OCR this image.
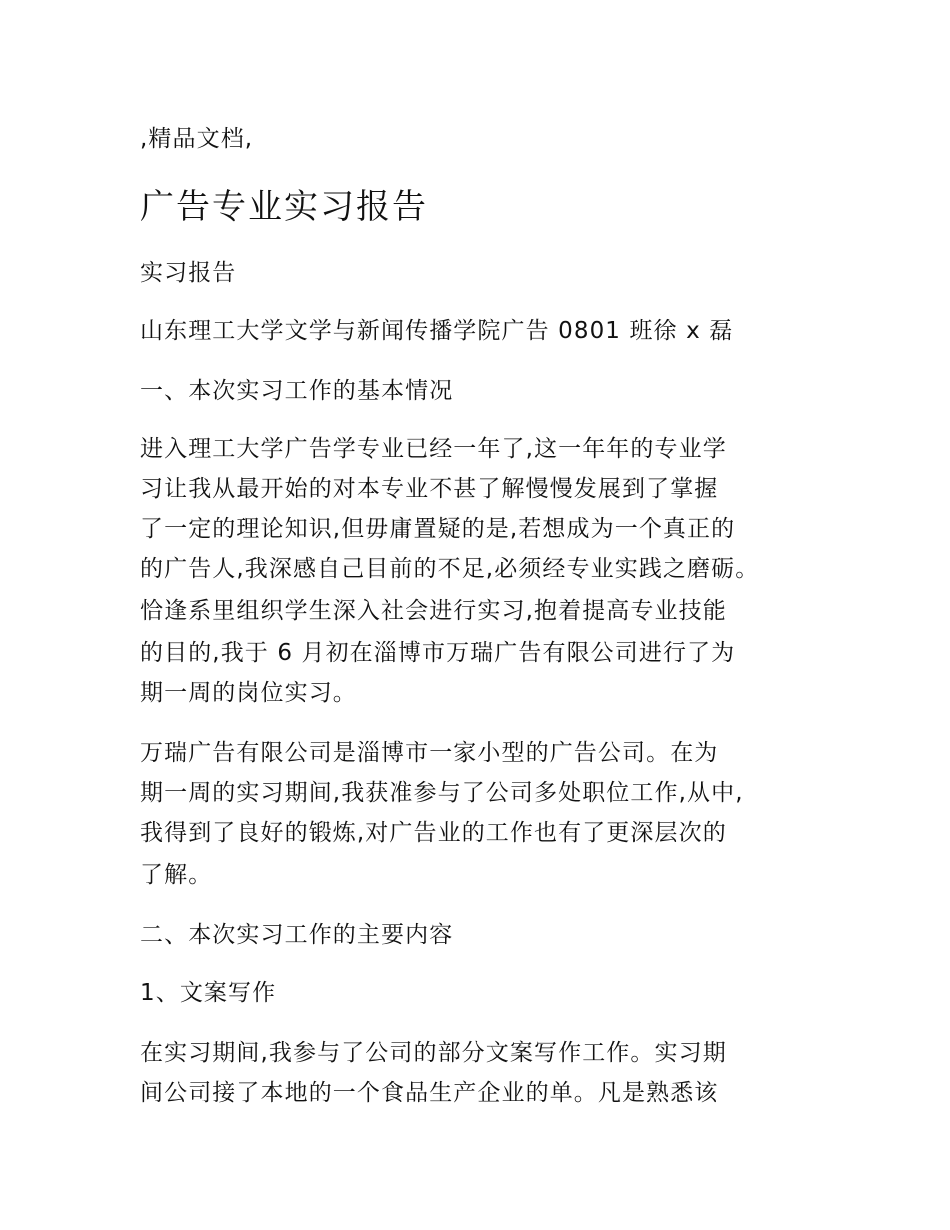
,精品文档,

广告专业实习报告

实习报告

山东理工大学文学与新闻传播学院广告 0801 班徐 x 磊

一、本次实习工作的基本情况

进入理工大学广告学专业已经一年了,这一年年的专业学

习让我从最开始的对本专业不甚了解慢慢发展到了掌握

了一定的理论知识,但毋庸置疑的是,若想成为一个真正的

的广告人,我深感自己目前的不足,必须经专业实践之磨砺。

恰逢系里组织学生深入社会进行实习,抱着提高专业技能

的目的,我于 6 月初在淄博市万瑞广告有限公司进行了为

期一周的岗位实习。

万瑞广告有限公司是淄博市一家小型的广告公司。在为

期一周的实习期间,我获准参与了公司多处职位工作,从中,

我得到了良好的锻炼,对广告业的工作也有了更深层次的

了解。

二、本次实习工作的主要内容

1、文案写作

在实习期间,我参与了公司的部分文案写作工作。实习期

间公司接了本地的一个食品生产企业的单。凡是熟悉该
